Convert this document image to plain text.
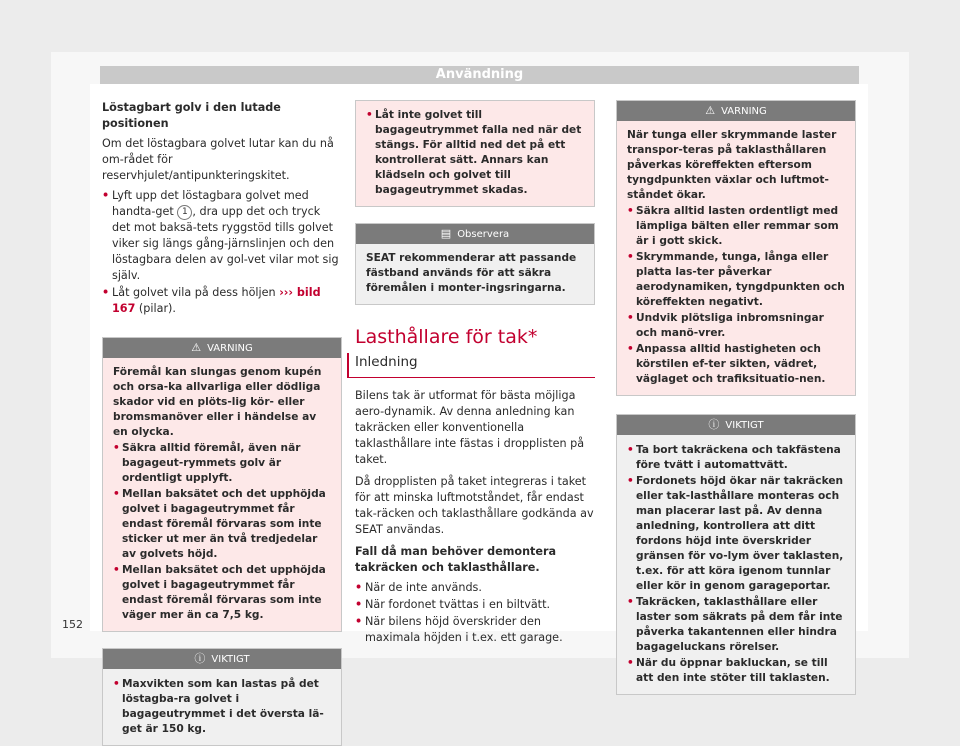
Användning
Löstagbart golv i den lutade positionen

Om det löstagbara golvet lutar kan du nå om-rådet för reservhjulet/antipunkteringskitet.

• Lyft upp det löstagbara golvet med handta-get 1 , dra upp det och tryck det mot baksä-tets ryggstöd tills golvet viker sig längs gång-järnslinjen och den löstagbara delen av gol-vet vilar mot sig själv.
• Låt golvet vila på dess höljen ››› bild 167 (pilar).
⚠ VARNING
Föremål kan slungas genom kupén och orsa-ka allvarliga eller dödliga skador vid en plöts-lig kör- eller bromsmanöver eller i händelse av en olycka.
• Säkra alltid föremål, även när bagageut-rymmets golv är ordentligt upplyft.
• Mellan baksätet och det upphöjda golvet i bagageutrymmet får endast föremål förvaras som inte sticker ut mer än två tredjedelar av golvets höjd.
• Mellan baksätet och det upphöjda golvet i bagageutrymmet får endast föremål förvaras som inte väger mer än ca 7,5 kg.
ⓘ VIKTIGT
• Maxvikten som kan lastas på det löstagba-ra golvet i bagageutrymmet i det översta lä-get är 150 kg.
• Låt inte golvet till bagageutrymmet falla ned när det stängs. För alltid ned det på ett kontrollerat sätt. Annars kan klädseln och golvet till bagageutrymmet skadas.
▤ Observera
SEAT rekommenderar att passande fästband används för att säkra föremålen i monter-ingsringarna.
Lasthållare för tak*
Inledning

Bilens tak är utformat för bästa möjliga aero-dynamik. Av denna anledning kan takräcken eller konventionella taklasthållare inte fästas i dropplisten på taket.

Då dropplisten på taket integreras i taket för att minska luftmotståndet, får endast tak-räcken och taklasthållare godkända av SEAT användas.

Fall då man behöver demontera takräcken och taklasthållare.
• När de inte används.
• När fordonet tvättas i en biltvätt.
• När bilens höjd överskrider den maximala höjden i t.ex. ett garage.
⚠ VARNING
När tunga eller skrymmande laster transpor-teras på taklasthållaren påverkas köreffekten eftersom tyngdpunkten växlar och luftmot-ståndet ökar.
• Säkra alltid lasten ordentligt med lämpliga bälten eller remmar som är i gott skick.
• Skrymmande, tunga, långa eller platta las-ter påverkar aerodynamiken, tyngdpunkten och köreffekten negativt.
• Undvik plötsliga inbromsningar och manö-vrer.
• Anpassa alltid hastigheten och körstilen ef-ter sikten, vädret, väglaget och trafiksituatio-nen.
ⓘ VIKTIGT
• Ta bort takräckena och takfästena före tvätt i automattvätt.
• Fordonets höjd ökar när takräcken eller tak-lasthållare monteras och man placerar last på. Av denna anledning, kontrollera att ditt fordons höjd inte överskrider gränsen för vo-lym över taklasten, t.ex. för att köra igenom tunnlar eller kör in genom garageportar.
• Takräcken, taklasthållare eller laster som säkrats på dem får inte påverka takantennen eller hindra bagageluckans rörelser.
• När du öppnar bakluckan, se till att den inte stöter till taklasten.
152
